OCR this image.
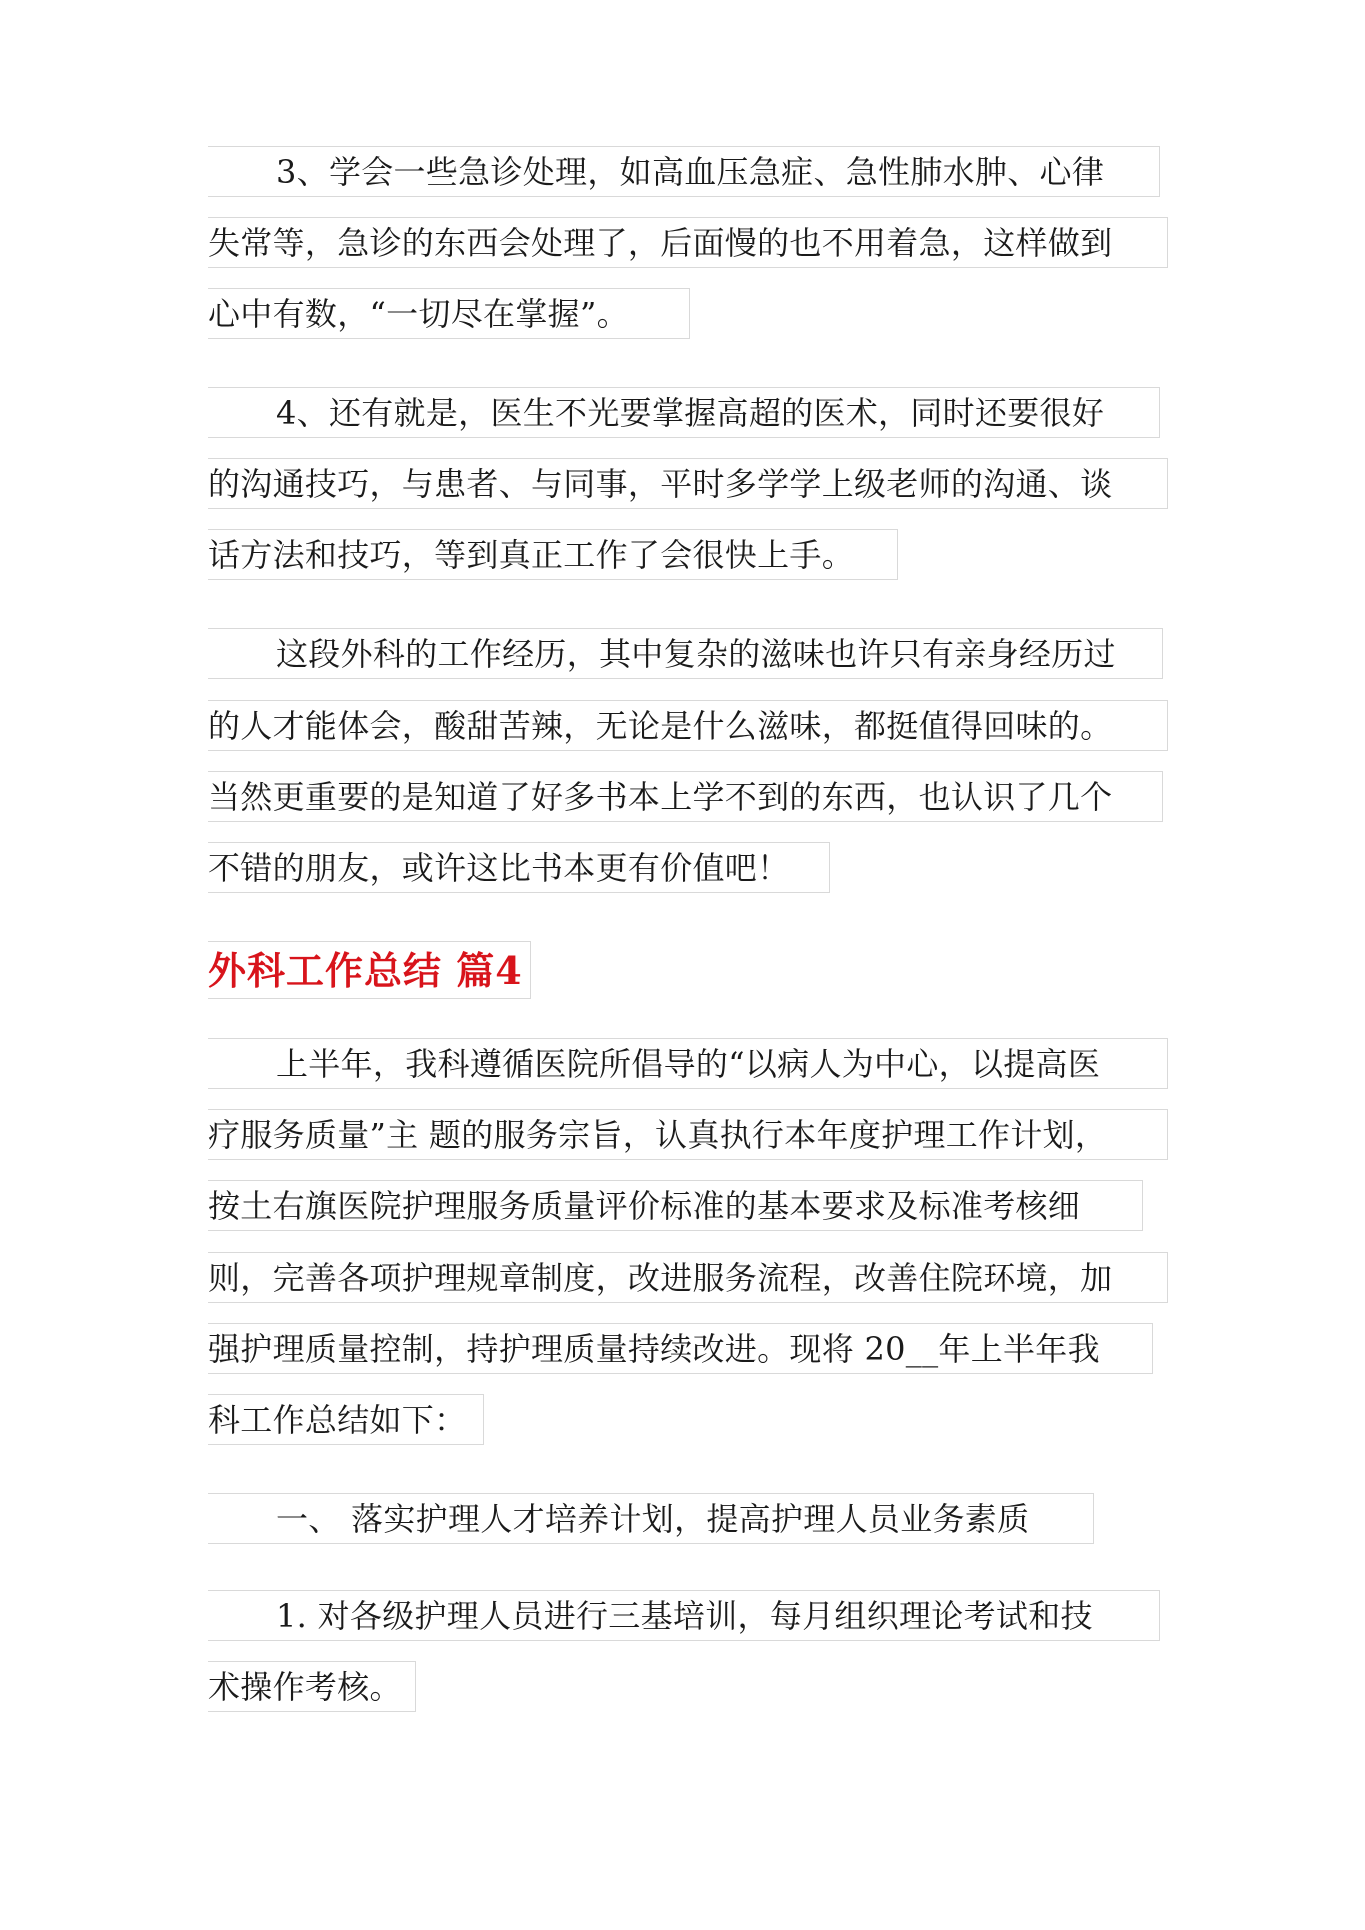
3、学会一些急诊处理，如高血压急症、急性肺水肿、心律
失常等，急诊的东西会处理了，后面慢的也不用着急，这样做到
心中有数，“一切尽在掌握”。
4、还有就是，医生不光要掌握高超的医术，同时还要很好
的沟通技巧，与患者、与同事，平时多学学上级老师的沟通、谈
话方法和技巧，等到真正工作了会很快上手。
这段外科的工作经历，其中复杂的滋味也许只有亲身经历过
的人才能体会，酸甜苦辣，无论是什么滋味，都挺值得回味的。
当然更重要的是知道了好多书本上学不到的东西，也认识了几个
不错的朋友，或许这比书本更有价值吧！
外科工作总结 篇4
上半年，我科遵循医院所倡导的“以病人为中心，以提高医
疗服务质量”主 题的服务宗旨，认真执行本年度护理工作计划，
按土右旗医院护理服务质量评价标准的基本要求及标准考核细
则，完善各项护理规章制度，改进服务流程，改善住院环境，加
强护理质量控制，持护理质量持续改进。现将 20__年上半年我
科工作总结如下：
一、 落实护理人才培养计划，提高护理人员业务素质
1. 对各级护理人员进行三基培训，每月组织理论考试和技
术操作考核。
